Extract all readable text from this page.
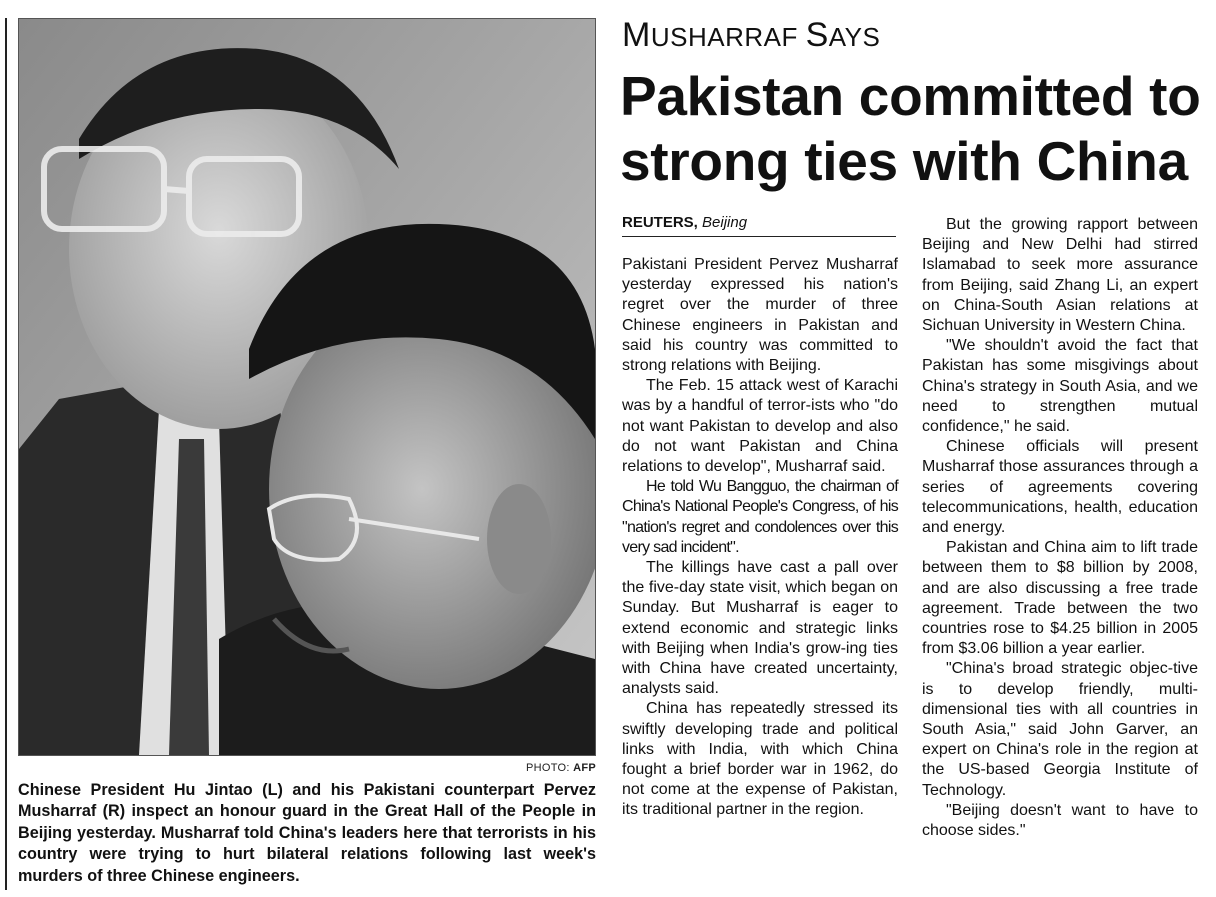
PHOTO: AFP
Chinese President Hu Jintao (L) and his Pakistani counterpart Pervez Musharraf (R) inspect an honour guard in the Great Hall of the People in Beijing yesterday. Musharraf told China's leaders here that terrorists in his country were trying to hurt bilateral relations following last week's murders of three Chinese engineers.
MUSHARRAF SAYS
Pakistan committed to strong ties with China
REUTERS, Beijing

Pakistani President Pervez Musharraf yesterday expressed his nation's regret over the murder of three Chinese engineers in Pakistan and said his country was committed to strong relations with Beijing.

The Feb. 15 attack west of Karachi was by a handful of terror-ists who "do not want Pakistan to develop and also do not want Pakistan and China relations to develop", Musharraf said.

He told Wu Bangguo, the chairman of China's National People's Congress, of his "nation's regret and condolences over this very sad incident".

The killings have cast a pall over the five-day state visit, which began on Sunday. But Musharraf is eager to extend economic and strategic links with Beijing when India's grow-ing ties with China have created uncertainty, analysts said.

China has repeatedly stressed its swiftly developing trade and political links with India, with which China fought a brief border war in 1962, do not come at the expense of Pakistan, its traditional partner in the region.

But the growing rapport between Beijing and New Delhi had stirred Islamabad to seek more assurance from Beijing, said Zhang Li, an expert on China-South Asian relations at Sichuan University in Western China.

"We shouldn't avoid the fact that Pakistan has some misgivings about China's strategy in South Asia, and we need to strengthen mutual confidence," he said.

Chinese officials will present Musharraf those assurances through a series of agreements covering telecommunications, health, education and energy.

Pakistan and China aim to lift trade between them to $8 billion by 2008, and are also discussing a free trade agreement. Trade between the two countries rose to $4.25 billion in 2005 from $3.06 billion a year earlier.

"China's broad strategic objec-tive is to develop friendly, multi-dimensional ties with all countries in South Asia," said John Garver, an expert on China's role in the region at the US-based Georgia Institute of Technology.

"Beijing doesn't want to have to choose sides."
